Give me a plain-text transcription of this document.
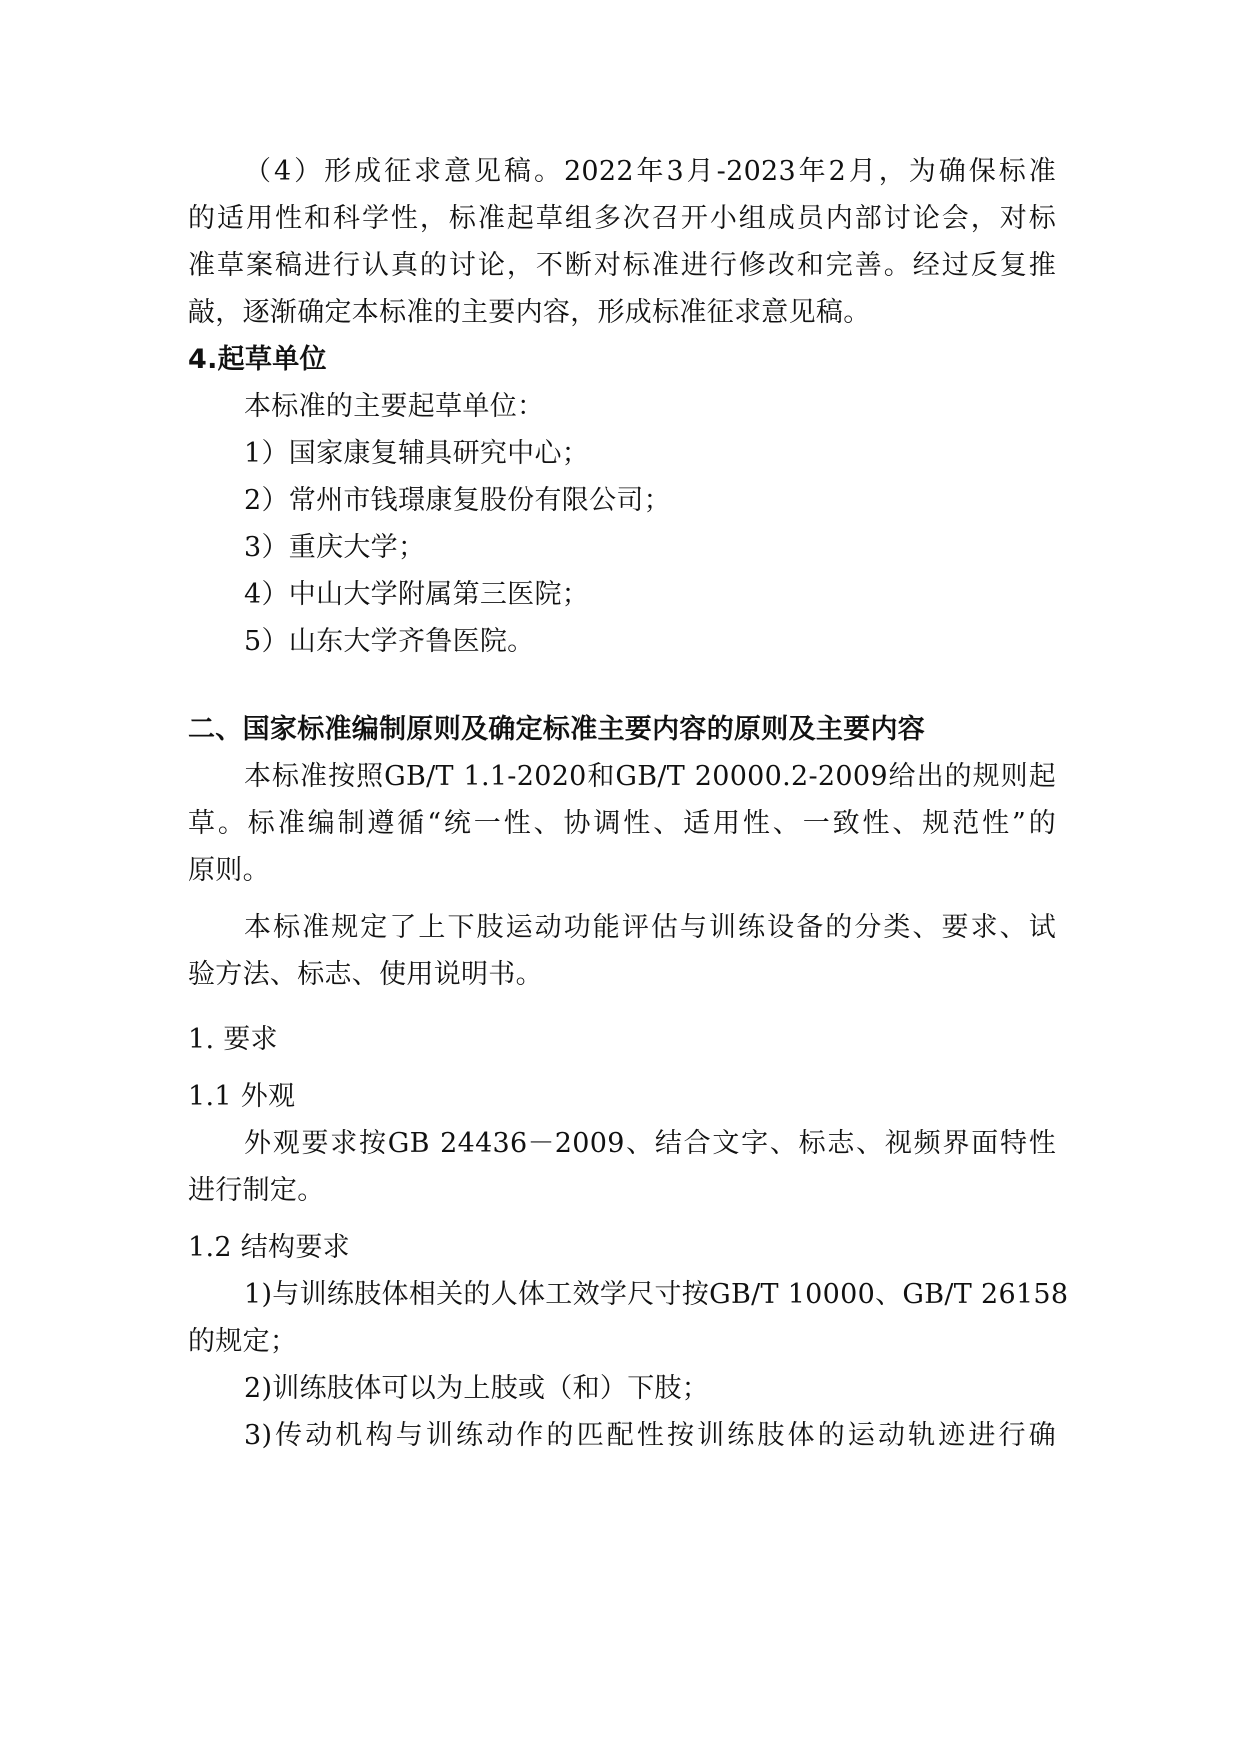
（4）形成征求意见稿。2022年3月-2023年2月，为确保标准
的适用性和科学性，标准起草组多次召开小组成员内部讨论会，对标
准草案稿进行认真的讨论，不断对标准进行修改和完善。经过反复推
敲，逐渐确定本标准的主要内容，形成标准征求意见稿。
4.起草单位
本标准的主要起草单位：
1）国家康复辅具研究中心；
2）常州市钱璟康复股份有限公司；
3）重庆大学；
4）中山大学附属第三医院；
5）山东大学齐鲁医院。
二、国家标准编制原则及确定标准主要内容的原则及主要内容
本标准按照GB/T 1.1-2020和GB/T 20000.2-2009给出的规则起
草。标准编制遵循“统一性、协调性、适用性、一致性、规范性”的
原则。
本标准规定了上下肢运动功能评估与训练设备的分类、要求、试
验方法、标志、使用说明书。
1. 要求
1.1 外观
外观要求按GB 24436－2009、结合文字、标志、视频界面特性
进行制定。
1.2 结构要求
1)与训练肢体相关的人体工效学尺寸按GB/T 10000、GB/T 26158
的规定；
2)训练肢体可以为上肢或（和）下肢；
3)传动机构与训练动作的匹配性按训练肢体的运动轨迹进行确
